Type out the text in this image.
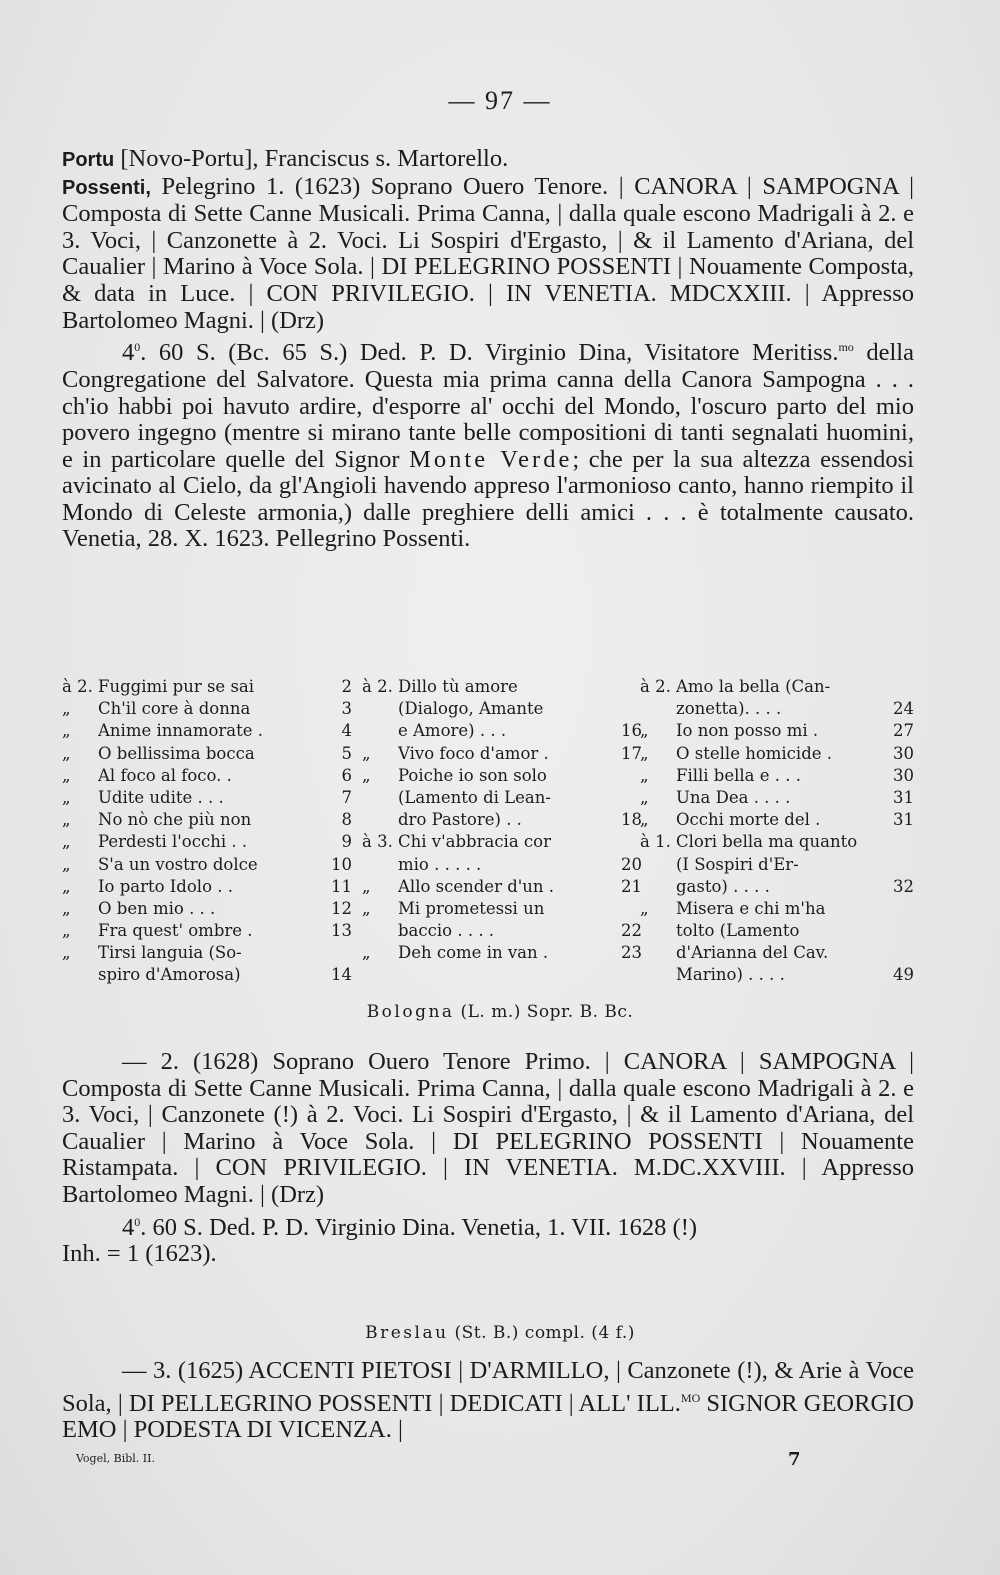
— 97 —

Portu [Novo-Portu], Franciscus s. Martorello.

Possenti, Pelegrino 1. (1623) Soprano Ouero Tenore. | CANORA | SAMPOGNA | Composta di Sette Canne Musicali. Prima Canna, | dalla quale escono Madrigali à 2. e 3. Voci, | Canzonette à 2. Voci. Li Sospiri d'Ergasto, | & il Lamento d'Ariana, del Caualier | Marino à Voce Sola. | DI PELEGRINO POSSENTI | Nouamente Composta, & data in Luce. | CON PRIVILEGIO. | IN VENETIA. MDCXXIII. | Appresso Bartolomeo Magni. | (Drz)

$4^0$. 60 S. (Bc. 65 S.) Ded. P. D. Virginio Dina, Visitatore Meritiss.$^{mo}$ della Congregatione del Salvatore. Questa mia prima canna della Canora Sampogna . . . ch'io habbi poi havuto ardire, d'esporre al' occhi del Mondo, l'oscuro parto del mio povero ingegno (mentre si mirano tante belle compositioni di tanti segnalati huomini, e in particolare quelle del Signor Monte Verde; che per la sua altezza essendosi avicinato al Cielo, da gl'Angioli havendo appreso l'armonioso canto, hanno riempito il Mondo di Celeste armonia,) dalle preghiere delli amici . . . è totalmente causato. Venetia, 28. X. 1623. Pellegrino Possenti.

à 2. Fuggimi pur se sai	2
„	Ch'il core à donna	3
„	Anime innamorate .	4
„	O bellissima bocca	5
„	Al foco al foco. .	6
„	Udite udite . . .	7
„	No nò che più non	8
„	Perdesti l'occhi . .	9
„	S'a un vostro dolce	10
„	Io parto Idolo . .	11
„	O ben mio . . .	12
„	Fra quest' ombre .	13
„	Tirsi languia (So-
spiro d'Amorosa)	14
à 2. Dillo tù amore
(Dialogo, Amante
e Amore) . . .	16
„	Vivo foco d'amor .	17
„	Poiche io son solo
(Lamento di Lean-
dro Pastore) . .	18
à 3. Chi v'abbracia cor
mio . . . . .	20
„	Allo scender d'un .	21
„	Mi prometessi un
baccio . . . .	22
„	Deh come in van .	23
à 2. Amo la bella (Can-
zonetta). . . .	24
„	Io non posso mi .	27
„	O stelle homicide .	30
„	Filli bella e . . .	30
„	Una Dea . . . .	31
„	Occhi morte del .	31
à 1. Clori bella ma quanto
(I Sospiri d'Er-
gasto) . . . .	32
„	Misera e chi m'ha
tolto (Lamento
d'Arianna del Cav.
Marino) . . . .	49
Bologna (L. m.) Sopr. B. Bc.

— 2. (1628) Soprano Ouero Tenore Primo. | CANORA | SAMPOGNA | Composta di Sette Canne Musicali. Prima Canna, | dalla quale escono Madrigali à 2. e 3. Voci, | Canzonete (!) à 2. Voci. Li Sospiri d'Ergasto, | & il Lamento d'Ariana, del Caualier | Marino à Voce Sola. | DI PELEGRINO POSSENTI | Nouamente Ristampata. | CON PRIVILEGIO. | IN VENETIA. M.DC.XXVIII. | Appresso Bartolomeo Magni. | (Drz)

$4^0$. 60 S. Ded. P. D. Virginio Dina. Venetia, 1. VII. 1628 (!)

Inh. = 1 (1623).

Breslau (St. B.) compl. (4 f.)

— 3. (1625) ACCENTI PIETOSI | D'ARMILLO, | Canzonete (!), & Arie à Voce Sola, | DI PELLEGRINO POSSENTI | DEDICATI | ALL' ILL.$^{MO}$ SIGNOR GEORGIO EMO | PODESTA DI VICENZA. |

Vogel, Bibl. II.	7
